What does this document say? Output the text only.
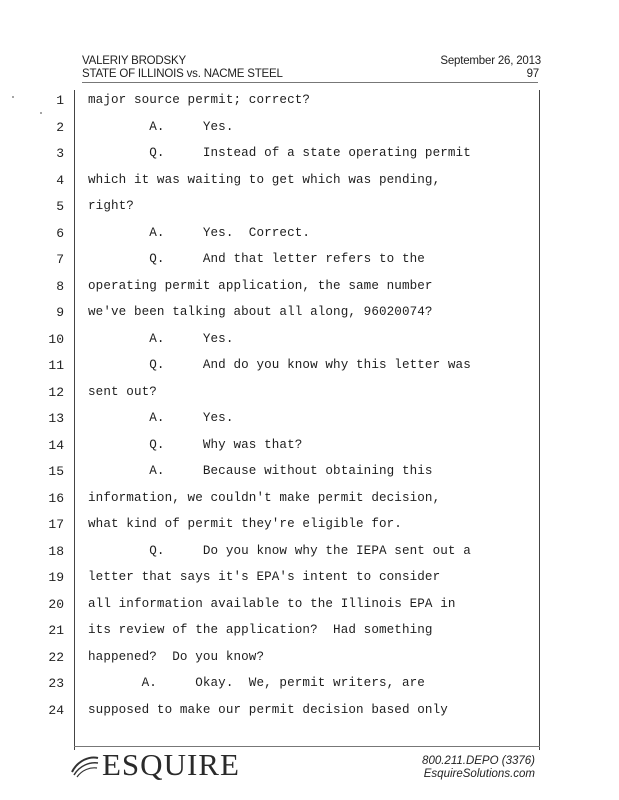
VALERIY BRODSKY
STATE OF ILLINOIS vs. NACME STEEL
September 26, 2013
97
1 major source permit; correct?
2 A.     Yes.
3 Q.     Instead of a state operating permit
4 which it was waiting to get which was pending,
5 right?
6 A.     Yes.  Correct.
7 Q.     And that letter refers to the
8 operating permit application, the same number
9 we've been talking about all along, 96020074?
10 A.     Yes.
11 Q.     And do you know why this letter was
12 sent out?
13 A.     Yes.
14 Q.     Why was that?
15 A.     Because without obtaining this
16 information, we couldn't make permit decision,
17 what kind of permit they're eligible for.
18 Q.     Do you know why the IEPA sent out a
19 letter that says it's EPA's intent to consider
20 all information available to the Illinois EPA in
21 its review of the application?  Had something
22 happened?  Do you know?
23 A.     Okay.  We, permit writers, are
24 supposed to make our permit decision based only
ESQUIRE	800.211.DEPO (3376)
EsquireSolutions.com
